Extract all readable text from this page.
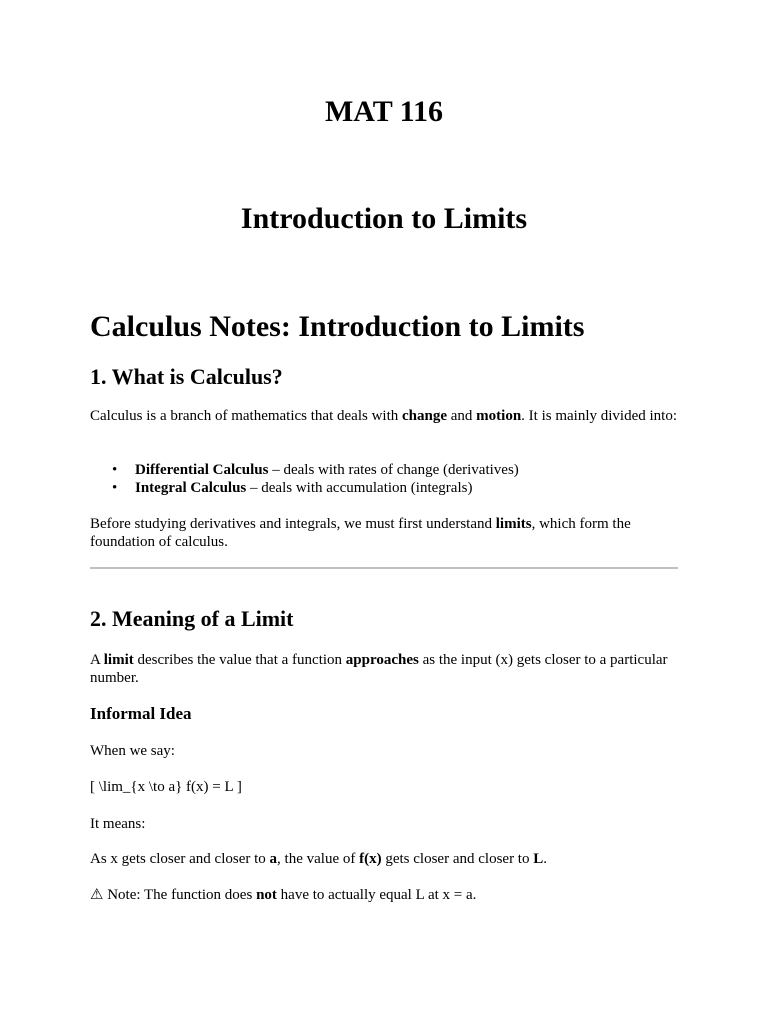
MAT 116
Introduction to Limits
Calculus Notes: Introduction to Limits
1. What is Calculus?

Calculus is a branch of mathematics that deals with change and motion. It is mainly divided into:

• Differential Calculus – deals with rates of change (derivatives)
• Integral Calculus – deals with accumulation (integrals)

Before studying derivatives and integrals, we must first understand limits, which form the foundation of calculus.

2. Meaning of a Limit

A limit describes the value that a function approaches as the input (x) gets closer to a particular number.

Informal Idea

When we say:

[ \lim_{x \to a} f(x) = L ]

It means:

As x gets closer and closer to a, the value of f(x) gets closer and closer to L.

⚠ Note: The function does not have to actually equal L at x = a.
